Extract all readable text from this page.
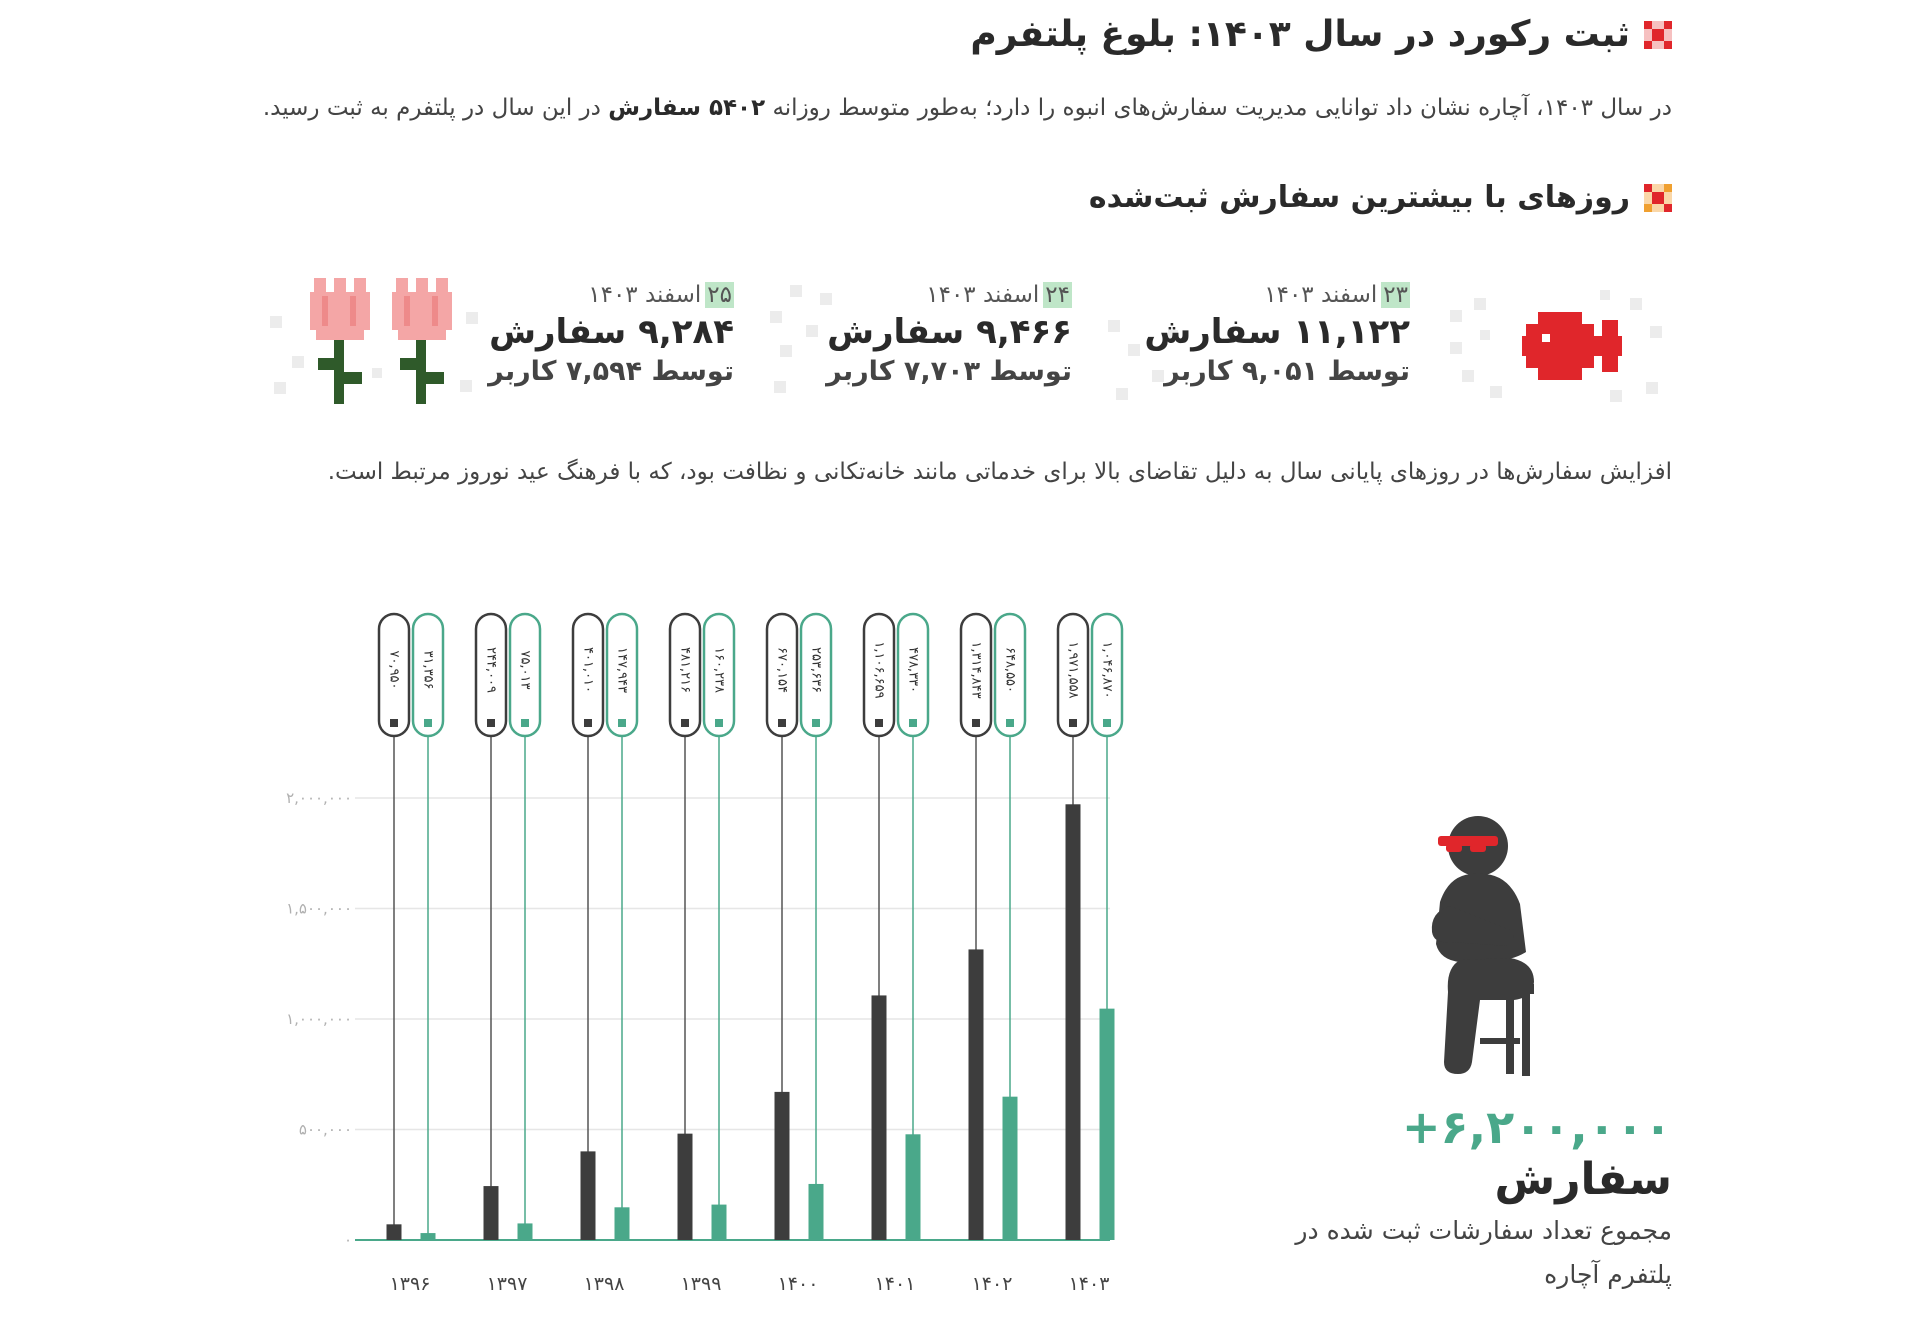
ثبت رکورد در سال ۱۴۰۳: بلوغ پلتفرم
در سال ۱۴۰۳، آچاره نشان داد توانایی مدیریت سفارش‌های انبوه را دارد؛ به‌طور متوسط روزانه ۵۴۰۲ سفارش در این سال در پلتفرم به ثبت رسید.
روزهای با بیشترین سفارش ثبت‌شده
۲۳
اسفند ۱۴۰۳
۱۱,۱۲۲ سفارش
توسط ۹,۰۵۱ کاربر
۲۴
اسفند ۱۴۰۳
۹,۴۶۶ سفارش
توسط ۷,۷۰۳ کاربر
۲۵
اسفند ۱۴۰۳
۹,۲۸۴ سفارش
توسط ۷,۵۹۴ کاربر
افزایش سفارش‌ها در روزهای پایانی سال به دلیل تقاضای بالا برای خدماتی مانند خانه‌تکانی و نظافت بود، که با فرهنگ عید نوروز مرتبط است.
۰
۵۰۰,۰۰۰
۱,۰۰۰,۰۰۰
۱,۵۰۰,۰۰۰
۲,۰۰۰,۰۰۰
۱۳۹۶
۷۰,۹۵۰ ۳۱,۳۵۶
۱۳۹۷
۲۴۴,۰۰۹ ۷۵,۰۱۳
۱۳۹۸
۴۰۱,۰۱۰ ۱۴۷,۹۴۳
۱۳۹۹
۴۸۱,۲۱۶ ۱۶۰,۲۳۸
۱۴۰۰
۶۷۰,۱۵۴ ۲۵۳,۶۳۶
۱۴۰۱
۱,۱۰۶,۶۵۹ ۴۷۸,۳۳۰
۱۴۰۲
۱,۳۱۴,۸۴۳ ۶۴۸,۵۵۰
۱۴۰۳
۱,۹۷۱,۵۵۸ ۱,۰۴۶,۸۷۰
+۶,۲۰۰,۰۰۰ سفارش
مجموع تعداد سفارشات ثبت شده در پلتفرم آچاره
